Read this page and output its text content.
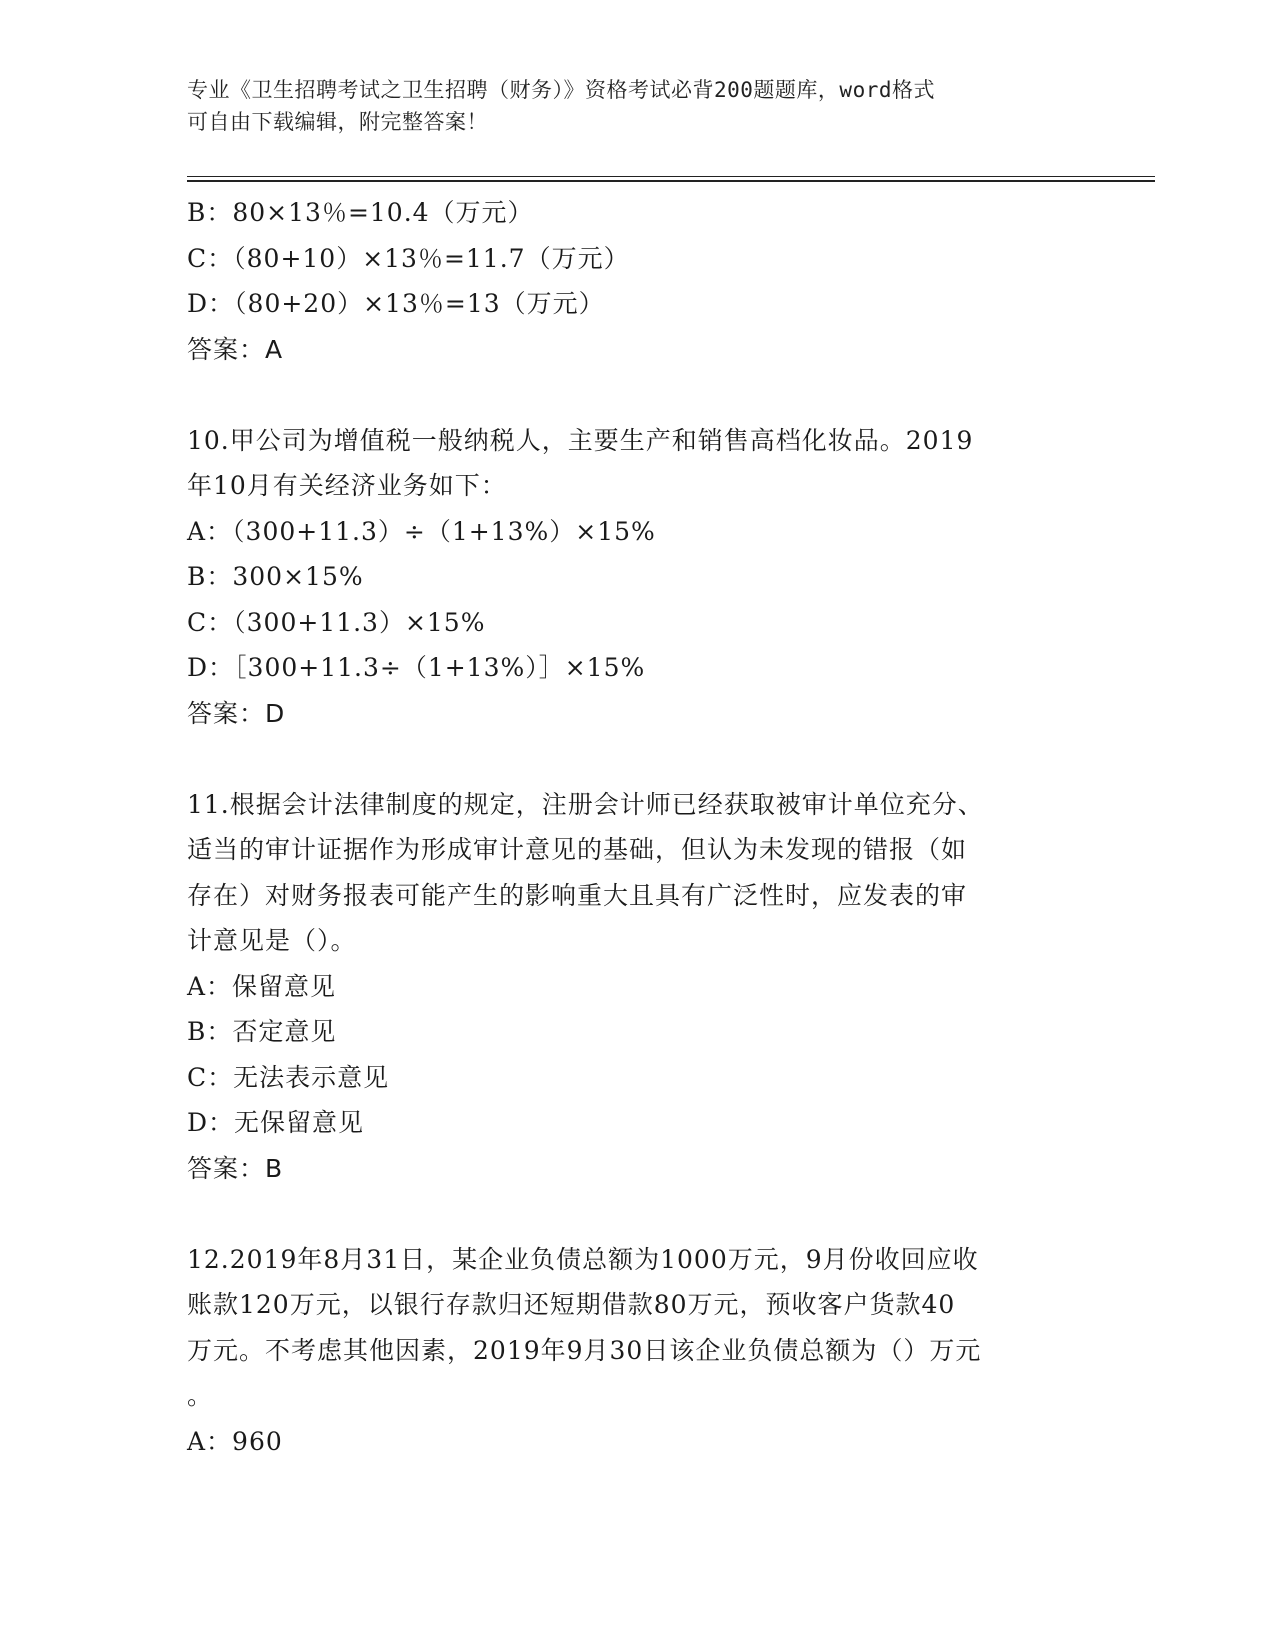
专业《卫生招聘考试之卫生招聘（财务）》资格考试必背200题题库，word格式
可自由下载编辑，附完整答案！
B：80×13％=10.4（万元）
C：（80+10）×13％=11.7（万元）
D：（80+20）×13％=13（万元）
答案：A
10.甲公司为增值税一般纳税人，主要生产和销售高档化妆品。2019
年10月有关经济业务如下：
A：（300+11.3）÷（1+13%）×15%
B：300×15%
C：（300+11.3）×15%
D：［300+11.3÷（1+13%）］×15%
答案：D
11.根据会计法律制度的规定，注册会计师已经获取被审计单位充分、
适当的审计证据作为形成审计意见的基础，但认为未发现的错报（如
存在）对财务报表可能产生的影响重大且具有广泛性时，应发表的审
计意见是（）。
A：保留意见
B：否定意见
C：无法表示意见
D：无保留意见
答案：B
12.2019年8月31日，某企业负债总额为1000万元，9月份收回应收
账款120万元，以银行存款归还短期借款80万元，预收客户货款40
万元。不考虑其他因素，2019年9月30日该企业负债总额为（）万元
。
A：960
